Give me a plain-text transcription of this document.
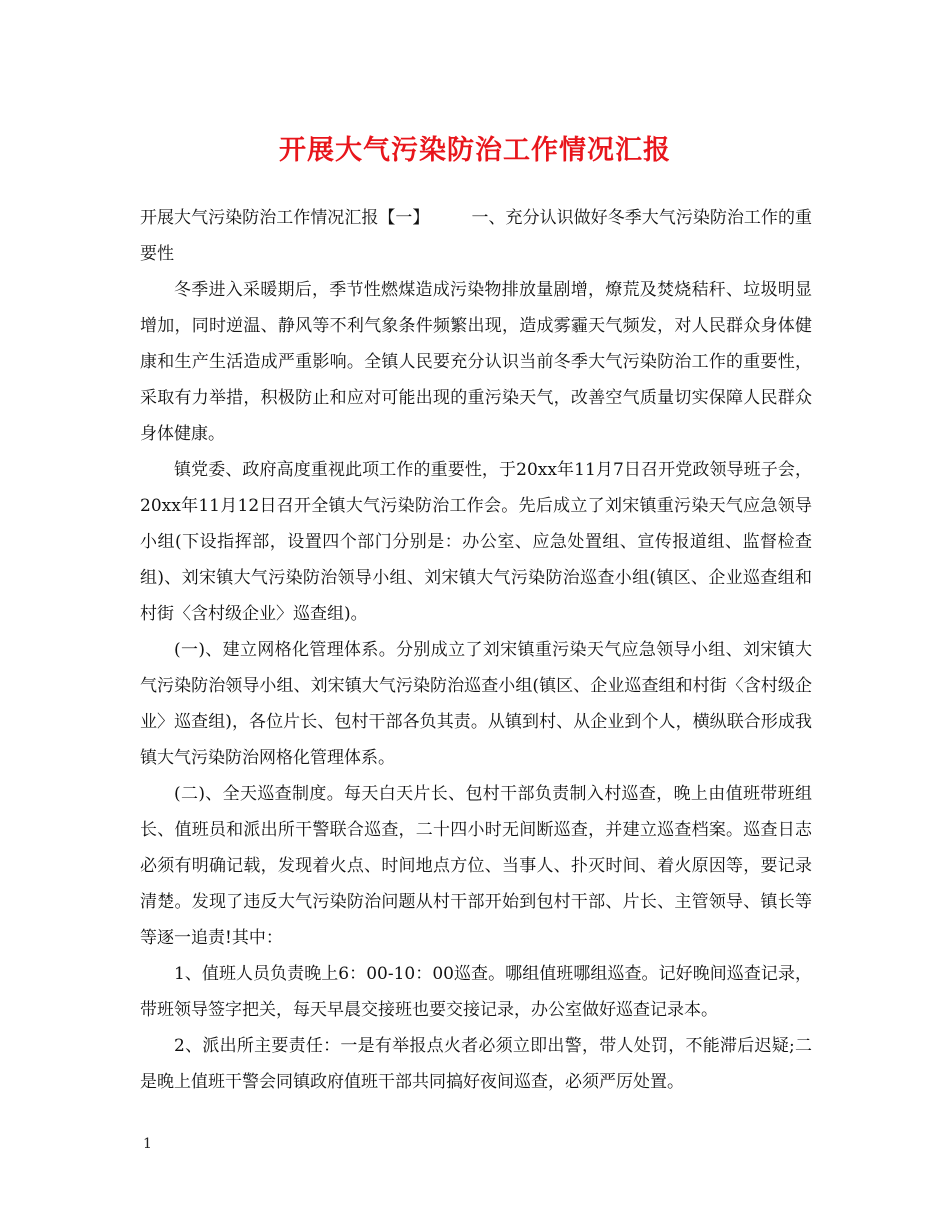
开展大气污染防治工作情况汇报

开展大气污染防治工作情况汇报【一】 一、充分认识做好冬季大气污染防治工作的重要性

冬季进入采暖期后，季节性燃煤造成污染物排放量剧增，燎荒及焚烧秸秆、垃圾明显增加，同时逆温、静风等不利气象条件频繁出现，造成雾霾天气频发，对人民群众身体健康和生产生活造成严重影响。全镇人民要充分认识当前冬季大气污染防治工作的重要性，采取有力举措，积极防止和应对可能出现的重污染天气，改善空气质量切实保障人民群众身体健康。

镇党委、政府高度重视此项工作的重要性，于20xx年11月7日召开党政领导班子会，20xx年11月12日召开全镇大气污染防治工作会。先后成立了刘宋镇重污染天气应急领导小组(下设指挥部，设置四个部门分别是：办公室、应急处置组、宣传报道组、监督检查组)、刘宋镇大气污染防治领导小组、刘宋镇大气污染防治巡查小组(镇区、企业巡查组和村街〈含村级企业〉巡查组)。

(一)、建立网格化管理体系。分别成立了刘宋镇重污染天气应急领导小组、刘宋镇大气污染防治领导小组、刘宋镇大气污染防治巡查小组(镇区、企业巡查组和村街〈含村级企业〉巡查组)，各位片长、包村干部各负其责。从镇到村、从企业到个人，横纵联合形成我镇大气污染防治网格化管理体系。

(二)、全天巡查制度。每天白天片长、包村干部负责制入村巡查，晚上由值班带班组长、值班员和派出所干警联合巡查，二十四小时无间断巡查，并建立巡查档案。巡查日志必须有明确记载，发现着火点、时间地点方位、当事人、扑灭时间、着火原因等，要记录清楚。发现了违反大气污染防治问题从村干部开始到包村干部、片长、主管领导、镇长等等逐一追责!其中：

1、值班人员负责晚上6：00-10：00巡查。哪组值班哪组巡查。记好晚间巡查记录，带班领导签字把关，每天早晨交接班也要交接记录，办公室做好巡查记录本。

2、派出所主要责任：一是有举报点火者必须立即出警，带人处罚，不能滞后迟疑;二是晚上值班干警会同镇政府值班干部共同搞好夜间巡查，必须严厉处置。

1
